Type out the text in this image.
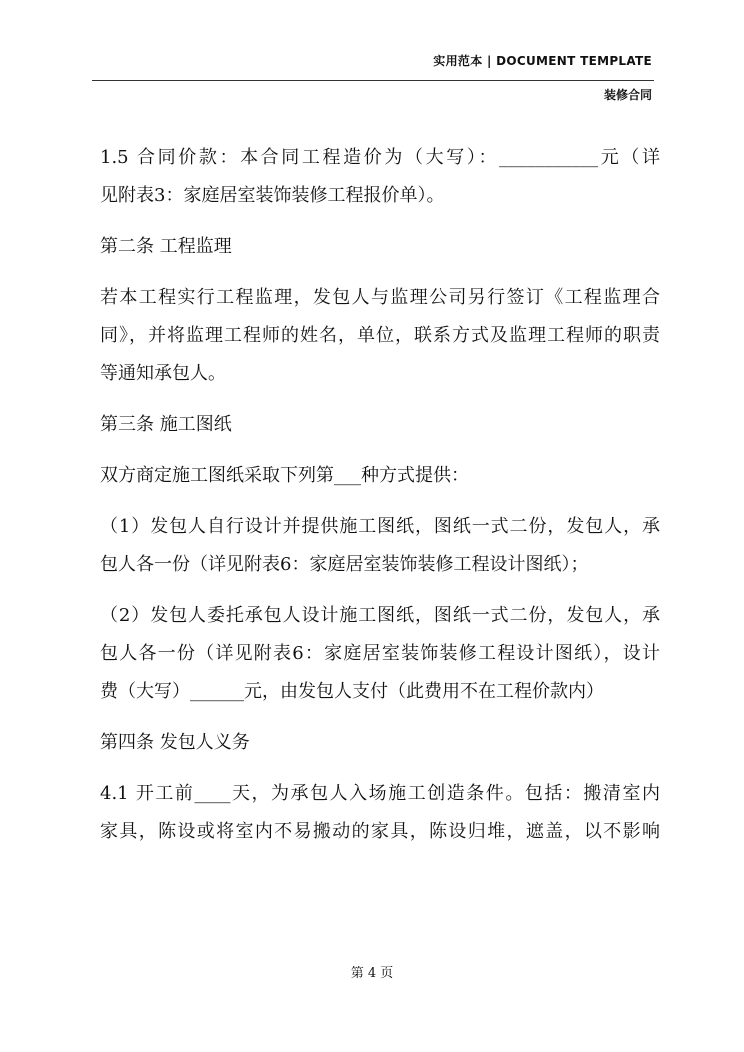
实用范本 | DOCUMENT TEMPLATE
装修合同
1.5 合同价款：本合同工程造价为（大写）：___________元（详
见附表3：家庭居室装饰装修工程报价单）。
第二条 工程监理
若本工程实行工程监理，发包人与监理公司另行签订《工程监理合
同》，并将监理工程师的姓名，单位，联系方式及监理工程师的职责
等通知承包人。
第三条 施工图纸
双方商定施工图纸采取下列第___种方式提供：
（1）发包人自行设计并提供施工图纸，图纸一式二份，发包人，承
包人各一份（详见附表6：家庭居室装饰装修工程设计图纸）；
（2）发包人委托承包人设计施工图纸，图纸一式二份，发包人，承
包人各一份（详见附表6：家庭居室装饰装修工程设计图纸），设计
费（大写）______元，由发包人支付（此费用不在工程价款内）
第四条 发包人义务
4.1 开工前____天，为承包人入场施工创造条件。包括：搬清室内
家具，陈设或将室内不易搬动的家具，陈设归堆，遮盖，以不影响
第 4 页
